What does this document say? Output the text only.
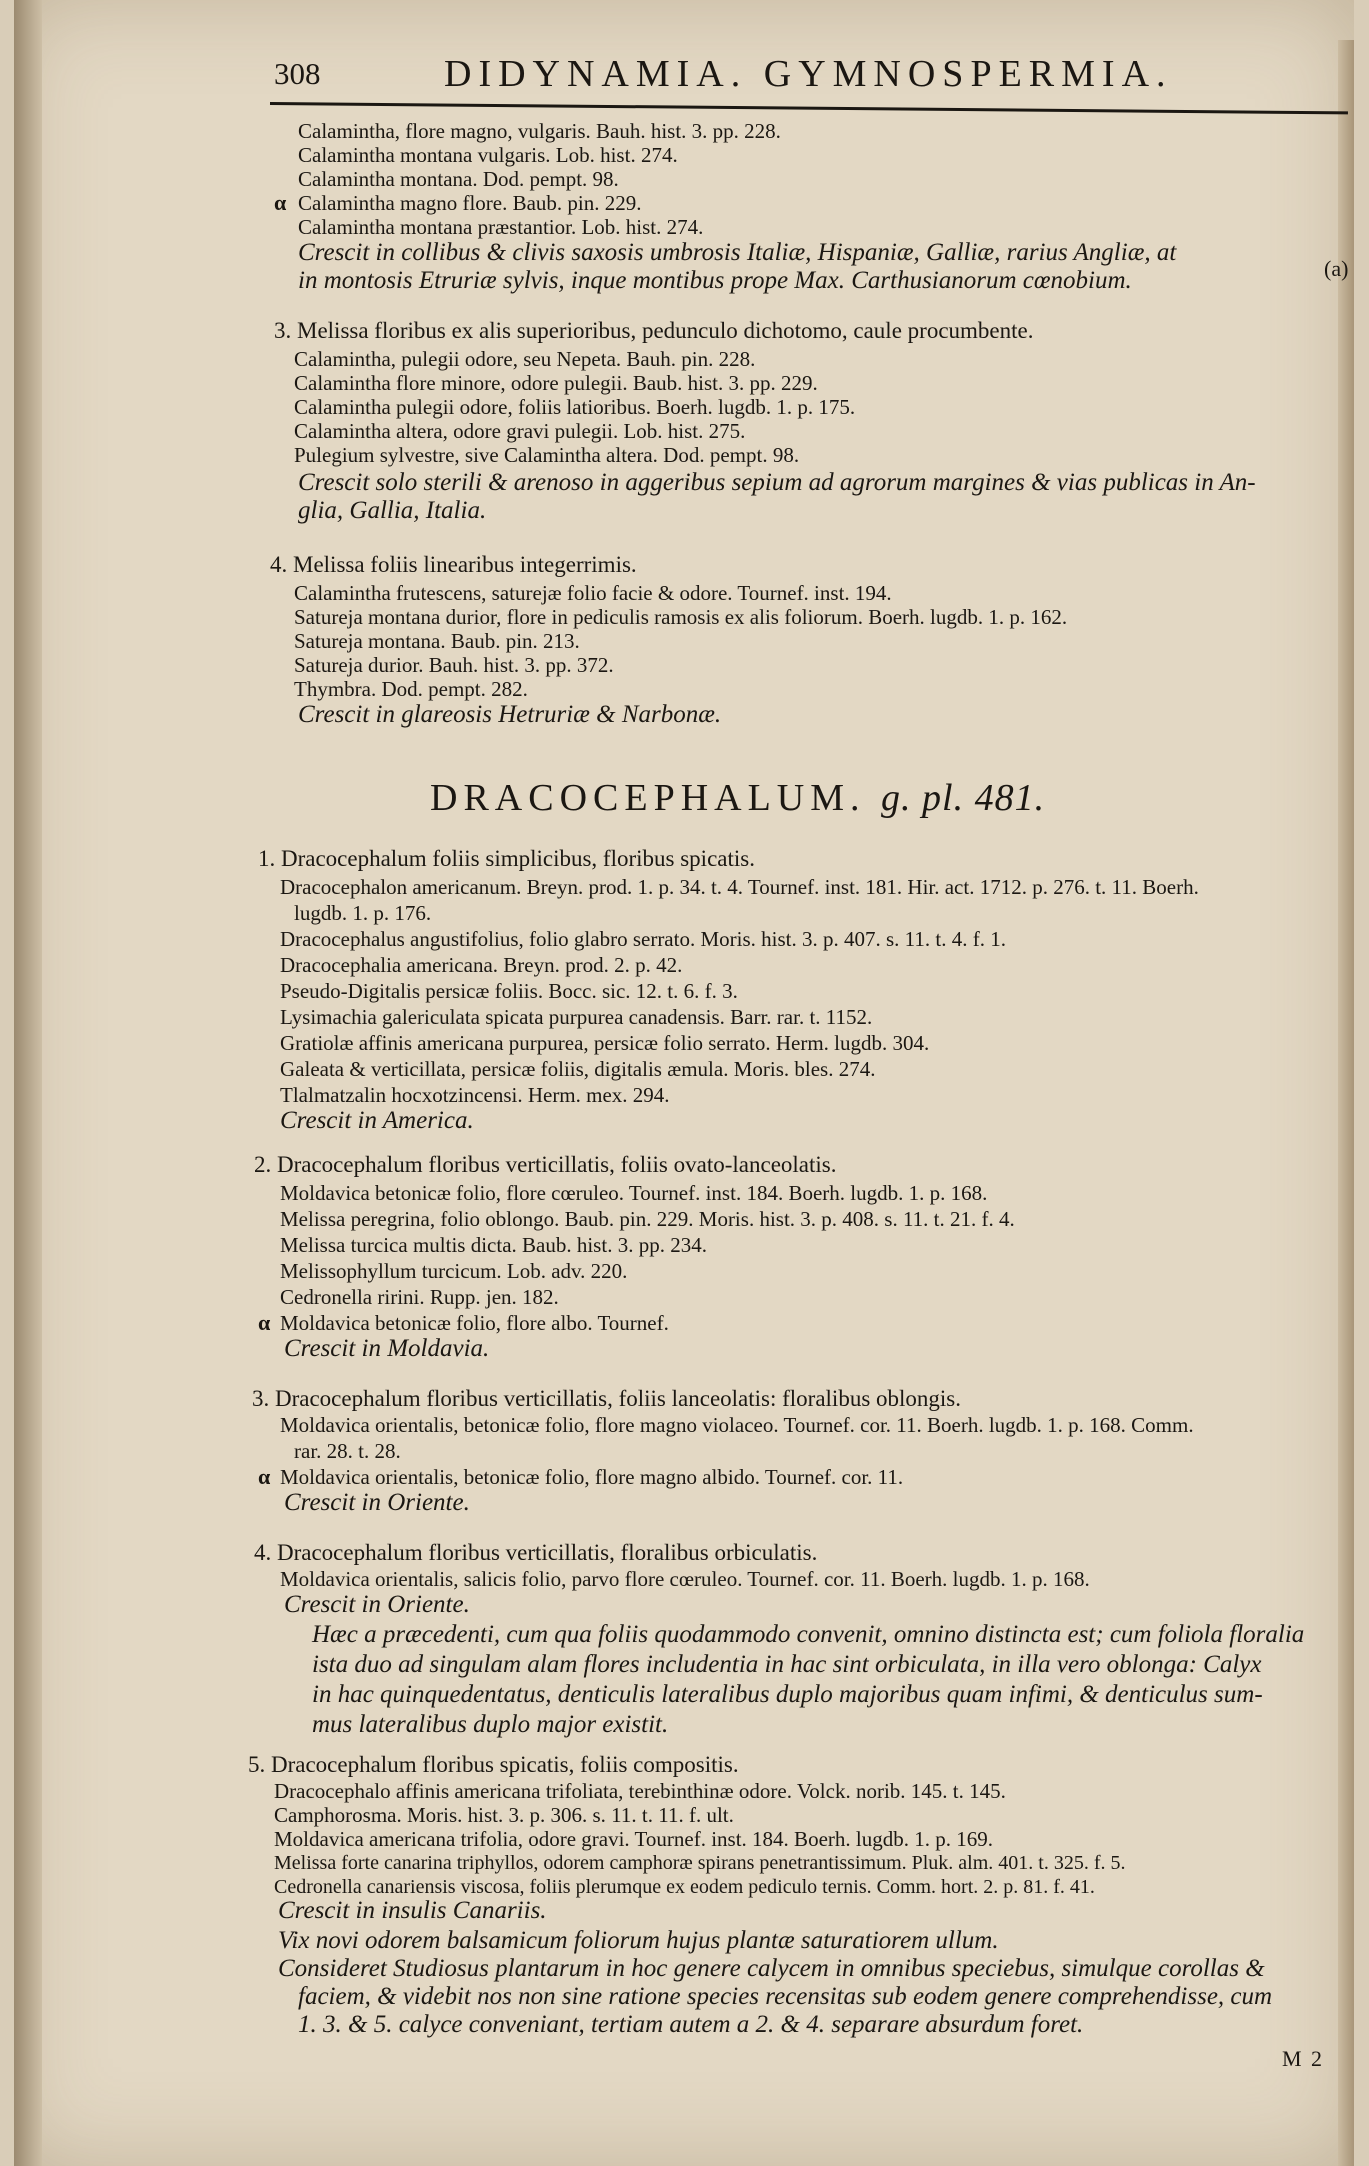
308	DIDYNAMIA. GYMNOSPERMIA.
Calamintha, flore magno, vulgaris. Bauh. hist. 3. pp. 228.
Calamintha montana vulgaris. Lob. hist. 274.
Calamintha montana. Dod. pempt. 98.
α Calamintha magno flore. Baub. pin. 229.
Calamintha montana præstantior. Lob. hist. 274.
Crescit in collibus & clivis saxosis umbrosis Italiæ, Hispaniæ, Galliæ, rarius Angliæ, at
(a)
in montosis Etruriæ sylvis, inque montibus prope Max. Carthusianorum cœnobium.
3. Melissa floribus ex alis superioribus, pedunculo dichotomo, caule procumbente.
Calamintha, pulegii odore, seu Nepeta. Bauh. pin. 228.
Calamintha flore minore, odore pulegii. Baub. hist. 3. pp. 229.
Calamintha pulegii odore, foliis latioribus. Boerh. lugdb. 1. p. 175.
Calamintha altera, odore gravi pulegii. Lob. hist. 275.
Pulegium sylvestre, sive Calamintha altera. Dod. pempt. 98.
Crescit solo sterili & arenoso in aggeribus sepium ad agrorum margines & vias publicas in An-
glia, Gallia, Italia.
4. Melissa foliis linearibus integerrimis.
Calamintha frutescens, saturejæ folio facie & odore. Tournef. inst. 194.
Satureja montana durior, flore in pediculis ramosis ex alis foliorum. Boerh. lugdb. 1. p. 162.
Satureja montana. Baub. pin. 213.
Satureja durior. Bauh. hist. 3. pp. 372.
Thymbra. Dod. pempt. 282.
Crescit in glareosis Hetruriæ & Narbonæ.
DRACOCEPHALUM. g. pl. 481.
1. Dracocephalum foliis simplicibus, floribus spicatis.
Dracocephalon americanum. Breyn. prod. 1. p. 34. t. 4. Tournef. inst. 181. Hir. act. 1712. p. 276. t. 11. Boerh.
lugdb. 1. p. 176.
Dracocephalus angustifolius, folio glabro serrato. Moris. hist. 3. p. 407. s. 11. t. 4. f. 1.
Dracocephalia americana. Breyn. prod. 2. p. 42.
Pseudo-Digitalis persicæ foliis. Bocc. sic. 12. t. 6. f. 3.
Lysimachia galericulata spicata purpurea canadensis. Barr. rar. t. 1152.
Gratiolæ affinis americana purpurea, persicæ folio serrato. Herm. lugdb. 304.
Galeata & verticillata, persicæ foliis, digitalis æmula. Moris. bles. 274.
Tlalmatzalin hocxotzincensi. Herm. mex. 294.
Crescit in America.
2. Dracocephalum floribus verticillatis, foliis ovato-lanceolatis.
Moldavica betonicæ folio, flore cœruleo. Tournef. inst. 184. Boerh. lugdb. 1. p. 168.
Melissa peregrina, folio oblongo. Baub. pin. 229. Moris. hist. 3. p. 408. s. 11. t. 21. f. 4.
Melissa turcica multis dicta. Baub. hist. 3. pp. 234.
Melissophyllum turcicum. Lob. adv. 220.
Cedronella ririni. Rupp. jen. 182.
α Moldavica betonicæ folio, flore albo. Tournef.
Crescit in Moldavia.
3. Dracocephalum floribus verticillatis, foliis lanceolatis: floralibus oblongis.
Moldavica orientalis, betonicæ folio, flore magno violaceo. Tournef. cor. 11. Boerh. lugdb. 1. p. 168. Comm.
rar. 28. t. 28.
α Moldavica orientalis, betonicæ folio, flore magno albido. Tournef. cor. 11.
Crescit in Oriente.
4. Dracocephalum floribus verticillatis, floralibus orbiculatis.
Moldavica orientalis, salicis folio, parvo flore cœruleo. Tournef. cor. 11. Boerh. lugdb. 1. p. 168.
Crescit in Oriente.
Hæc a præcedenti, cum qua foliis quodammodo convenit, omnino distincta est; cum foliola floralia
ista duo ad singulam alam flores includentia in hac sint orbiculata, in illa vero oblonga: Calyx
in hac quinquedentatus, denticulis lateralibus duplo majoribus quam infimi, & denticulus sum-
mus lateralibus duplo major existit.
5. Dracocephalum floribus spicatis, foliis compositis.
Dracocephalo affinis americana trifoliata, terebinthinæ odore. Volck. norib. 145. t. 145.
Camphorosma. Moris. hist. 3. p. 306. s. 11. t. 11. f. ult.
Moldavica americana trifolia, odore gravi. Tournef. inst. 184. Boerh. lugdb. 1. p. 169.
Melissa forte canarina triphyllos, odorem camphoræ spirans penetrantissimum. Pluk. alm. 401. t. 325. f. 5.
Cedronella canariensis viscosa, foliis plerumque ex eodem pediculo ternis. Comm. hort. 2. p. 81. f. 41.
Crescit in insulis Canariis.
Vix novi odorem balsamicum foliorum hujus plantæ saturatiorem ullum.
Consideret Studiosus plantarum in hoc genere calycem in omnibus speciebus, simulque corollas &
faciem, & videbit nos non sine ratione species recensitas sub eodem genere comprehendisse, cum
1. 3. & 5. calyce conveniant, tertiam autem a 2. & 4. separare absurdum foret.
M 2
